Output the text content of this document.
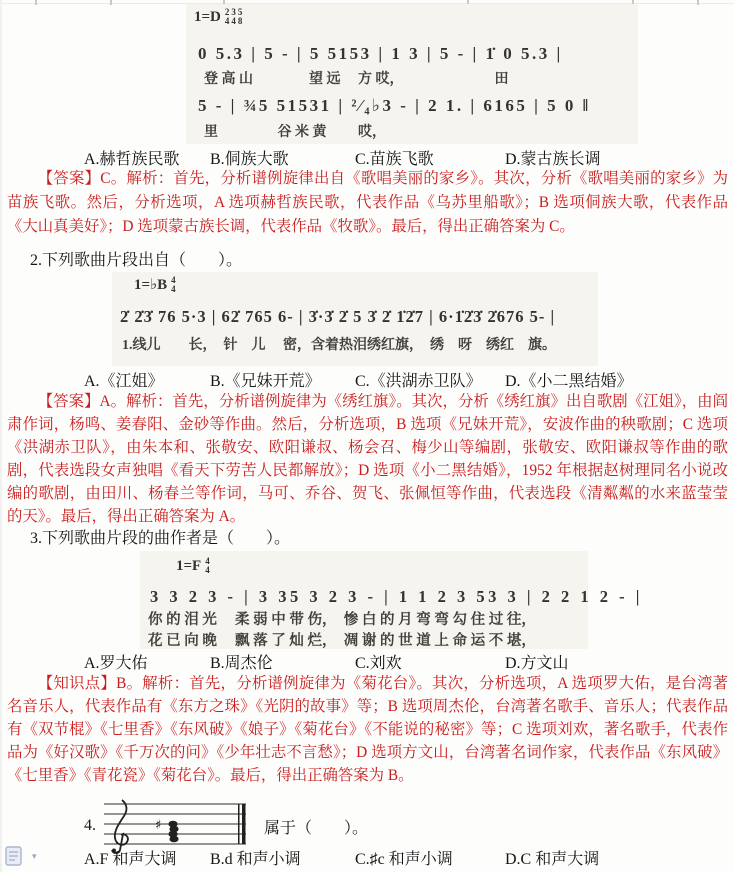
1=D 2
4
3
4
5
8
0 5.3 | 5 - | 5 5153 | 1 3 | 5 - | 1̇ 0 5.3 |
登 高 山　　　　望 远　 方 哎，　　　　　　　田
5 - | ¾5 51531 | ²⁄₄♭3 - | 2 1. | 6165 | 5 0 ‖
里　　　　 谷 米 黄　　 哎，
A.赫哲族民歌	B.侗族大歌	C.苗族飞歌	D.蒙古族长调
【答案】C。解析：首先，分析谱例旋律出自《歌唱美丽的家乡》。其次，分析《歌唱美丽的家乡》为苗族飞歌。然后，分析选项，A 选项赫哲族民歌，代表作品《乌苏里船歌》；B 选项侗族大歌，代表作品《大山真美好》；D 选项蒙古族长调，代表作品《牧歌》。最后，得出正确答案为 C。
2.下列歌曲片段出自（　　）。
1=♭B 4
4
2̇ 2̇3̇ 76 5·3 | 62̇ 765 6- | 3̇·3̇ 2̇ 5 3̇ 2̇ 1̇2̇7 | 6·1̇2̇3̇ 2̇676 5- |
1.线儿　　长，　针　儿　 密，含着热泪绣红旗，　绣　呀　绣红　旗。
A.《江姐》	B.《兄妹开荒》	C.《洪湖赤卫队》	D.《小二黑结婚》
【答案】A。解析：首先，分析谱例旋律为《绣红旗》。其次，分析《绣红旗》出自歌剧《江姐》，由阎肃作词，杨鸣、姜春阳、金砂等作曲。然后，分析选项，B 选项《兄妹开荒》，安波作曲的秧歌剧；C 选项《洪湖赤卫队》，由朱本和、张敬安、欧阳谦叔、杨会召、梅少山等编剧，张敬安、欧阳谦叔等作曲的歌剧，代表选段女声独唱《看天下劳苦人民都解放》；D 选项《小二黑结婚》，1952 年根据赵树理同名小说改编的歌剧，由田川、杨春兰等作词，马可、乔谷、贺飞、张佩恒等作曲，代表选段《清粼粼的水来蓝莹莹的天》。最后，得出正确答案为 A。
3.下列歌曲片段的曲作者是（　　）。
1=F 4
4
3 3 2 3 - | 3 35 3 2 3 - | 1 1 2 3 53 3 | 2 2 1 2 - |
你 的 泪 光　 柔 弱 中 带 伤，　惨 白 的 月 弯 弯 勾 住 过 往，
花 已 向 晚　 飘 落 了 灿 烂，　凋 谢 的 世 道 上 命 运 不 堪，
A.罗大佑	B.周杰伦	C.刘欢	D.方文山
【知识点】B。解析：首先，分析谱例旋律为《菊花台》。其次，分析选项，A 选项罗大佑，是台湾著名音乐人，代表作品有《东方之珠》《光阴的故事》等；B 选项周杰伦，台湾著名歌手、音乐人；代表作品有《双节棍》《七里香》《东风破》《娘子》《菊花台》《不能说的秘密》等；C 选项刘欢，著名歌手，代表作品为《好汉歌》《千万次的问》《少年壮志不言愁》；D 选项方文山，台湾著名词作家，代表作品《东风破》《七里香》《青花瓷》《菊花台》。最后，得出正确答案为 B。
4.	♯	属于（　　）。
A.F 和声大调	B.d 和声小调	C.♯c 和声小调	D.C 和声大调
▾
